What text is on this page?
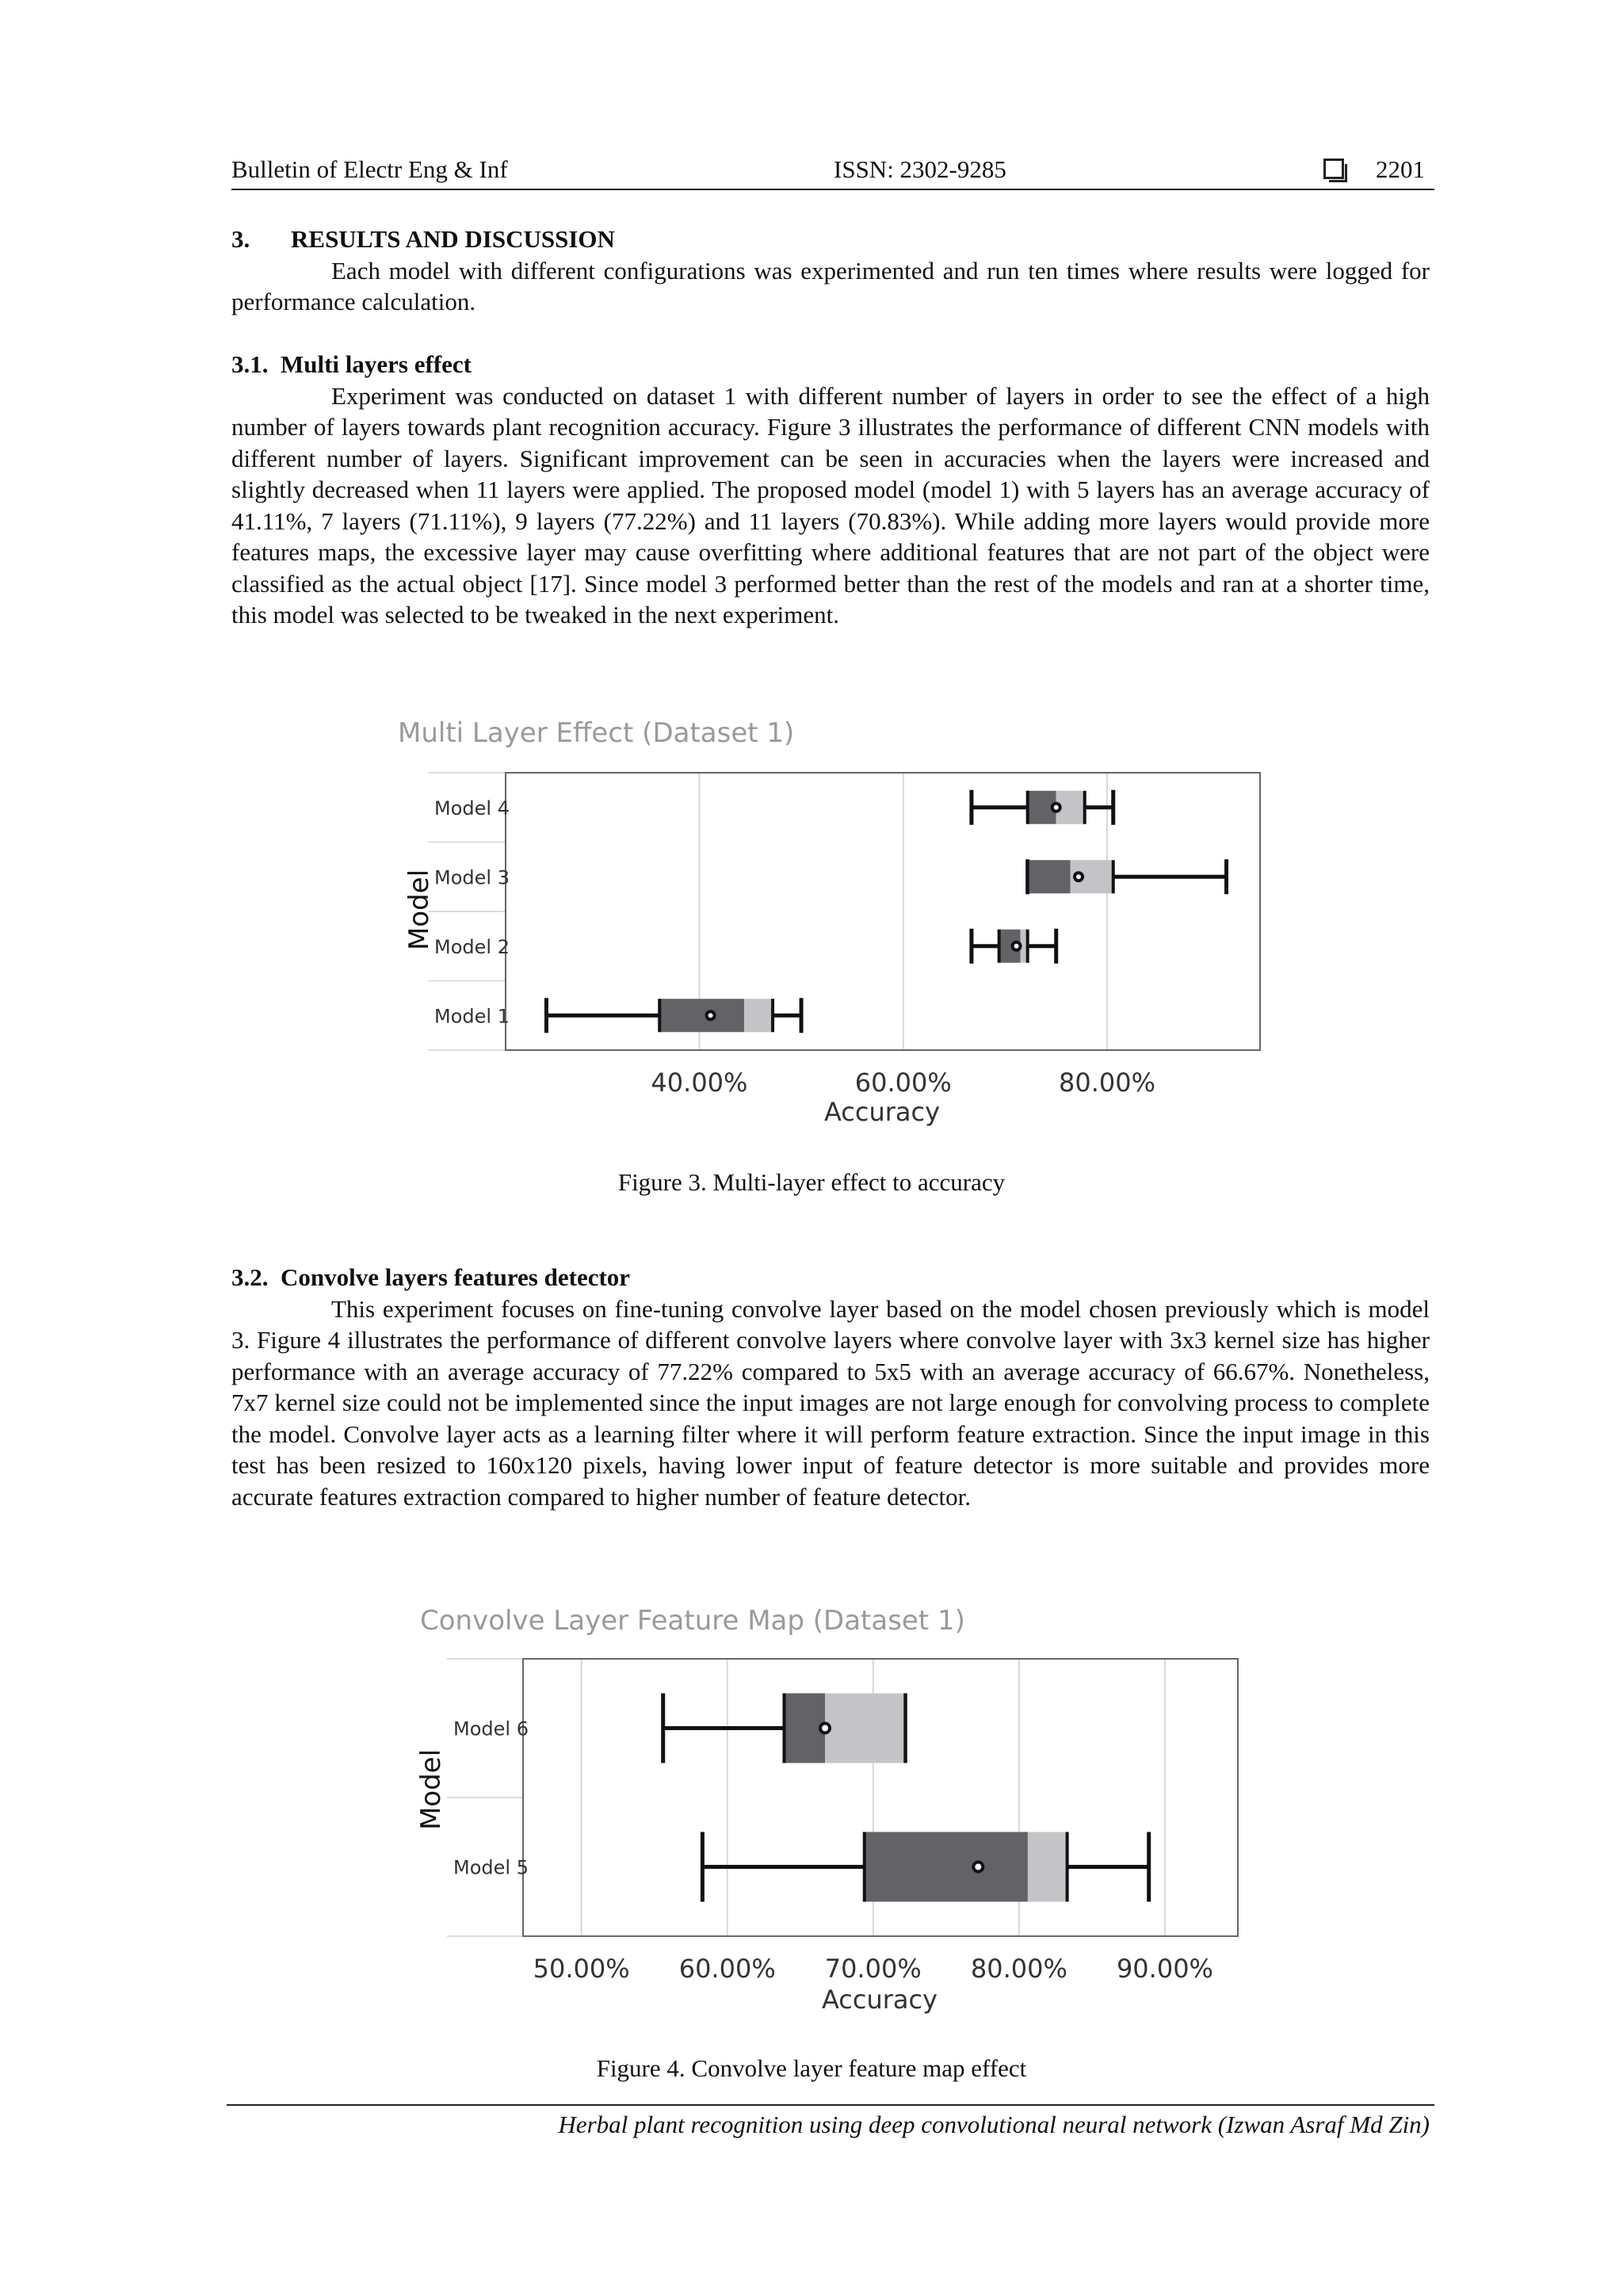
Bulletin of Electr Eng & Inf	ISSN: 2302-9285	2201
3. RESULTS AND DISCUSSION
Each model with different configurations was experimented and run ten times where results were logged for performance calculation.
3.1. Multi layers effect
Experiment was conducted on dataset 1 with different number of layers in order to see the effect of a high number of layers towards plant recognition accuracy. Figure 3 illustrates the performance of different CNN models with different number of layers. Significant improvement can be seen in accuracies when the layers were increased and slightly decreased when 11 layers were applied. The proposed model (model 1) with 5 layers has an average accuracy of 41.11%, 7 layers (71.11%), 9 layers (77.22%) and 11 layers (70.83%). While adding more layers would provide more features maps, the excessive layer may cause overfitting where additional features that are not part of the object were classified as the actual object [17]. Since model 3 performed better than the rest of the models and ran at a shorter time, this model was selected to be tweaked in the next experiment.
Multi Layer Effect (Dataset 1)
Model
Accuracy
40.00%	60.00%	80.00%
Model 4
Model 3
Model 2
Model 1
Figure 3. Multi-layer effect to accuracy
3.2. Convolve layers features detector
This experiment focuses on fine-tuning convolve layer based on the model chosen previously which is model 3. Figure 4 illustrates the performance of different convolve layers where convolve layer with 3x3 kernel size has higher performance with an average accuracy of 77.22% compared to 5x5 with an average accuracy of 66.67%. Nonetheless, 7x7 kernel size could not be implemented since the input images are not large enough for convolving process to complete the model. Convolve layer acts as a learning filter where it will perform feature extraction. Since the input image in this test has been resized to 160x120 pixels, having lower input of feature detector is more suitable and provides more accurate features extraction compared to higher number of feature detector.
Convolve Layer Feature Map (Dataset 1)
Model
Accuracy
50.00% 60.00% 70.00% 80.00% 90.00%
Model 6
Model 5
Figure 4. Convolve layer feature map effect
Herbal plant recognition using deep convolutional neural network (Izwan Asraf Md Zin)
